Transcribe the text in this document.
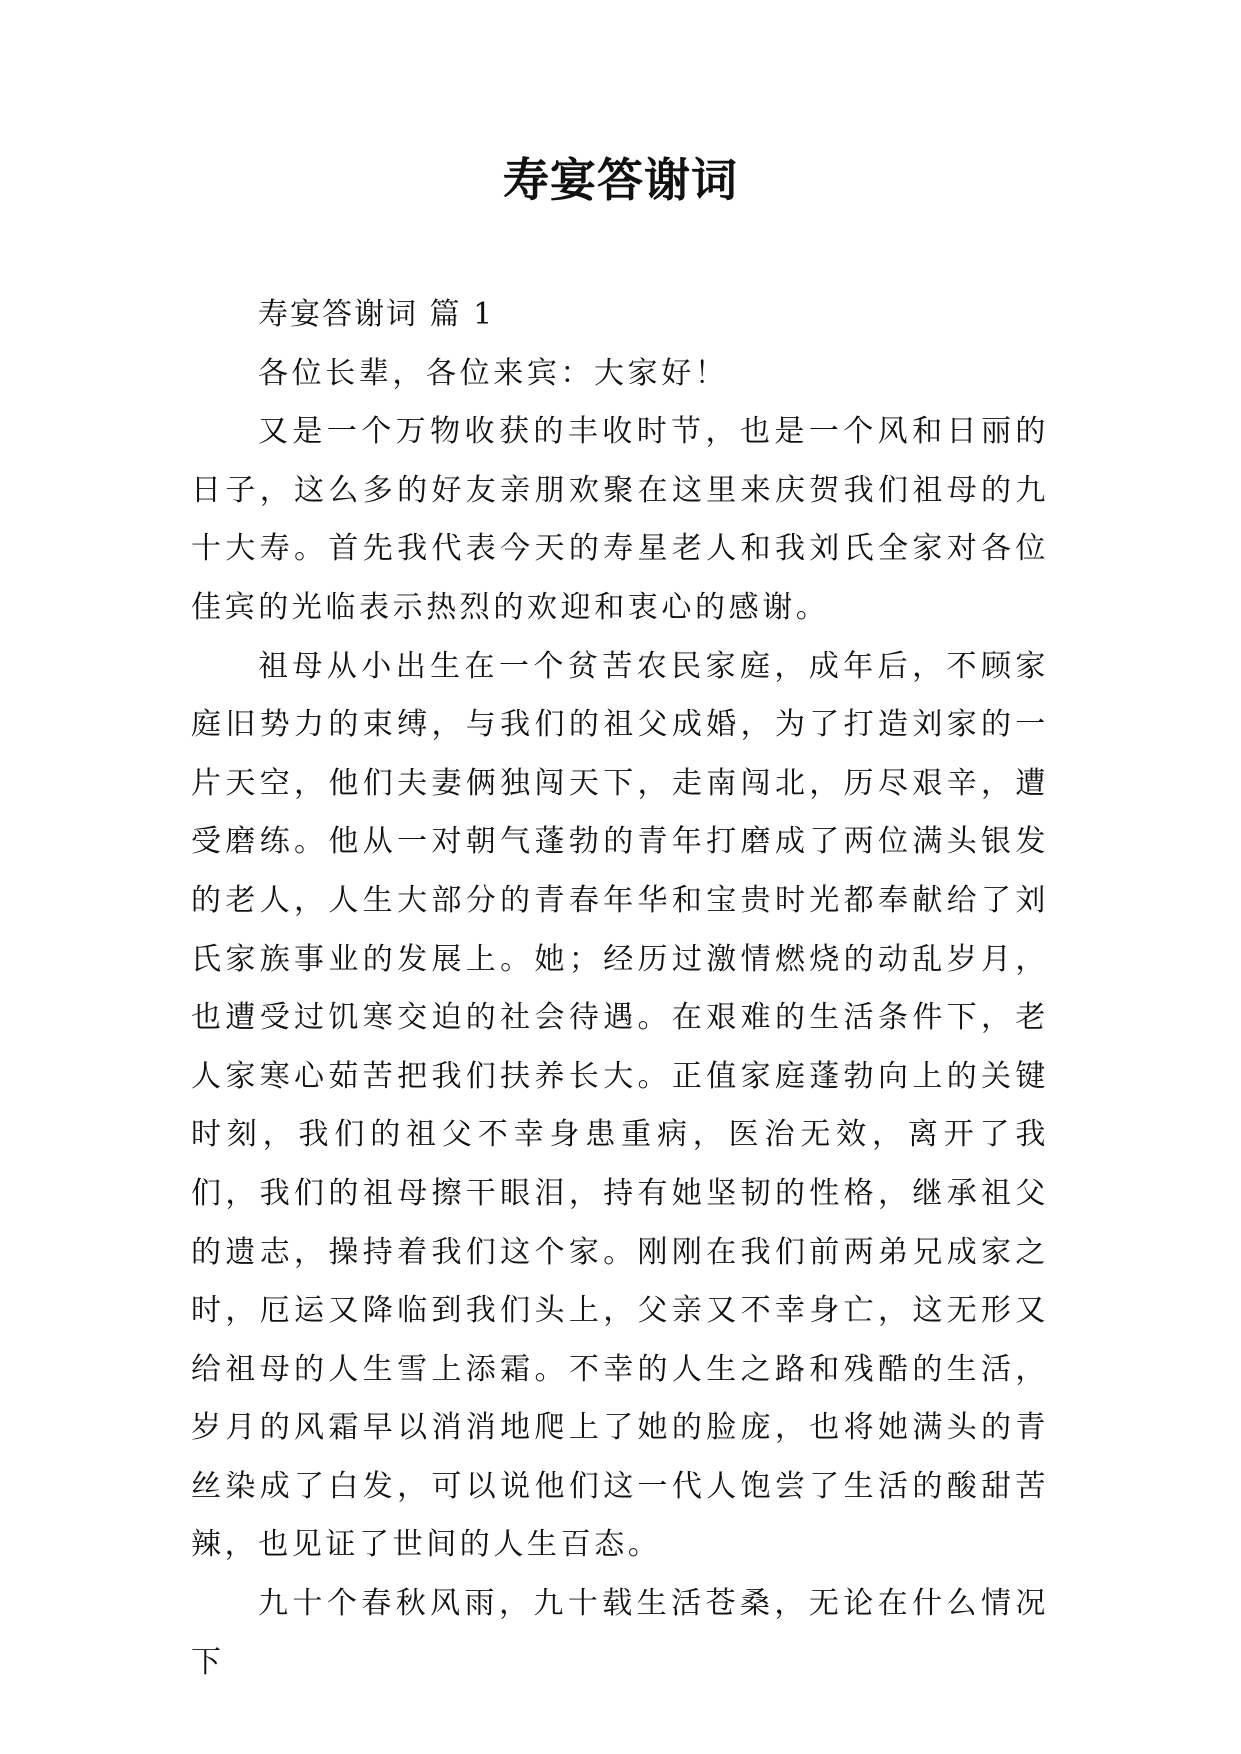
寿宴答谢词

寿宴答谢词 篇 1

各位长辈，各位来宾：大家好！

又是一个万物收获的丰收时节，也是一个风和日丽的日子，这么多的好友亲朋欢聚在这里来庆贺我们祖母的九十大寿。首先我代表今天的寿星老人和我刘氏全家对各位佳宾的光临表示热烈的欢迎和衷心的感谢。

祖母从小出生在一个贫苦农民家庭，成年后，不顾家庭旧势力的束缚，与我们的祖父成婚，为了打造刘家的一片天空，他们夫妻俩独闯天下，走南闯北，历尽艰辛，遭受磨练。他从一对朝气蓬勃的青年打磨成了两位满头银发的老人，人生大部分的青春年华和宝贵时光都奉献给了刘氏家族事业的发展上。她；经历过激情燃烧的动乱岁月，也遭受过饥寒交迫的社会待遇。在艰难的生活条件下，老人家寒心茹苦把我们扶养长大。正值家庭蓬勃向上的关键时刻，我们的祖父不幸身患重病，医治无效，离开了我们，我们的祖母擦干眼泪，持有她坚韧的性格，继承祖父的遗志，操持着我们这个家。刚刚在我们前两弟兄成家之时，厄运又降临到我们头上，父亲又不幸身亡，这无形又给祖母的人生雪上添霜。不幸的人生之路和残酷的生活，岁月的风霜早以消消地爬上了她的脸庞，也将她满头的青丝染成了白发，可以说他们这一代人饱尝了生活的酸甜苦辣，也见证了世间的人生百态。

九十个春秋风雨，九十载生活苍桑，无论在什么情况下
